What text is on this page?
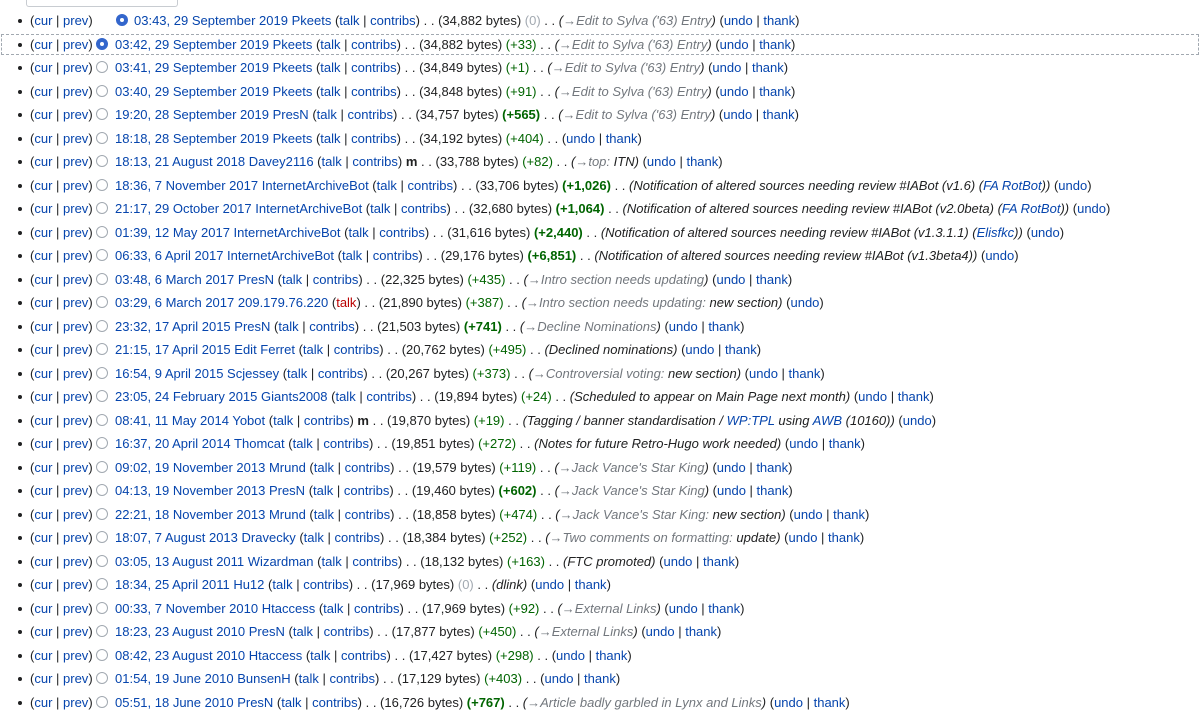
(cur | prev)	03:43, 29 September 2019 Pkeets (talk | contribs) . . (34,882 bytes) (0) . . (→Edit to Sylva ('63) Entry) (undo | thank)
(cur | prev) 03:42, 29 September 2019 Pkeets (talk | contribs) . . (34,882 bytes) (+33) . . (→Edit to Sylva ('63) Entry) (undo | thank)
(cur | prev) 03:41, 29 September 2019 Pkeets (talk | contribs) . . (34,849 bytes) (+1) . . (→Edit to Sylva ('63) Entry) (undo | thank)
(cur | prev) 03:40, 29 September 2019 Pkeets (talk | contribs) . . (34,848 bytes) (+91) . . (→Edit to Sylva ('63) Entry) (undo | thank)
(cur | prev) 19:20, 28 September 2019 PresN (talk | contribs) . . (34,757 bytes) (+565) . . (→Edit to Sylva ('63) Entry) (undo | thank)
(cur | prev) 18:18, 28 September 2019 Pkeets (talk | contribs) . . (34,192 bytes) (+404) . . (undo | thank)
(cur | prev) 18:13, 21 August 2018 Davey2116 (talk | contribs) m . . (33,788 bytes) (+82) . . (→top: ITN) (undo | thank)
(cur | prev) 18:36, 7 November 2017 InternetArchiveBot (talk | contribs) . . (33,706 bytes) (+1,026) . . (Notification of altered sources needing review #IABot (v1.6) (FA RotBot)) (undo)
(cur | prev) 21:17, 29 October 2017 InternetArchiveBot (talk | contribs) . . (32,680 bytes) (+1,064) . . (Notification of altered sources needing review #IABot (v2.0beta) (FA RotBot)) (undo)
(cur | prev) 01:39, 12 May 2017 InternetArchiveBot (talk | contribs) . . (31,616 bytes) (+2,440) . . (Notification of altered sources needing review #IABot (v1.3.1.1) (Elisfkc)) (undo)
(cur | prev) 06:33, 6 April 2017 InternetArchiveBot (talk | contribs) . . (29,176 bytes) (+6,851) . . (Notification of altered sources needing review #IABot (v1.3beta4)) (undo)
(cur | prev) 03:48, 6 March 2017 PresN (talk | contribs) . . (22,325 bytes) (+435) . . (→Intro section needs updating) (undo | thank)
(cur | prev) 03:29, 6 March 2017 209.179.76.220 (talk) . . (21,890 bytes) (+387) . . (→Intro section needs updating: new section) (undo)
(cur | prev) 23:32, 17 April 2015 PresN (talk | contribs) . . (21,503 bytes) (+741) . . (→Decline Nominations) (undo | thank)
(cur | prev) 21:15, 17 April 2015 Edit Ferret (talk | contribs) . . (20,762 bytes) (+495) . . (Declined nominations) (undo | thank)
(cur | prev) 16:54, 9 April 2015 Scjessey (talk | contribs) . . (20,267 bytes) (+373) . . (→Controversial voting: new section) (undo | thank)
(cur | prev) 23:05, 24 February 2015 Giants2008 (talk | contribs) . . (19,894 bytes) (+24) . . (Scheduled to appear on Main Page next month) (undo | thank)
(cur | prev) 08:41, 11 May 2014 Yobot (talk | contribs) m . . (19,870 bytes) (+19) . . (Tagging / banner standardisation / WP:TPL using AWB (10160)) (undo)
(cur | prev) 16:37, 20 April 2014 Thomcat (talk | contribs) . . (19,851 bytes) (+272) . . (Notes for future Retro-Hugo work needed) (undo | thank)
(cur | prev) 09:02, 19 November 2013 Mrund (talk | contribs) . . (19,579 bytes) (+119) . . (→Jack Vance's Star King) (undo | thank)
(cur | prev) 04:13, 19 November 2013 PresN (talk | contribs) . . (19,460 bytes) (+602) . . (→Jack Vance's Star King) (undo | thank)
(cur | prev) 22:21, 18 November 2013 Mrund (talk | contribs) . . (18,858 bytes) (+474) . . (→Jack Vance's Star King: new section) (undo | thank)
(cur | prev) 18:07, 7 August 2013 Dravecky (talk | contribs) . . (18,384 bytes) (+252) . . (→Two comments on formatting: update) (undo | thank)
(cur | prev) 03:05, 13 August 2011 Wizardman (talk | contribs) . . (18,132 bytes) (+163) . . (FTC promoted) (undo | thank)
(cur | prev) 18:34, 25 April 2011 Hu12 (talk | contribs) . . (17,969 bytes) (0) . . (dlink) (undo | thank)
(cur | prev) 00:33, 7 November 2010 Htaccess (talk | contribs) . . (17,969 bytes) (+92) . . (→External Links) (undo | thank)
(cur | prev) 18:23, 23 August 2010 PresN (talk | contribs) . . (17,877 bytes) (+450) . . (→External Links) (undo | thank)
(cur | prev) 08:42, 23 August 2010 Htaccess (talk | contribs) . . (17,427 bytes) (+298) . . (undo | thank)
(cur | prev) 01:54, 19 June 2010 BunsenH (talk | contribs) . . (17,129 bytes) (+403) . . (undo | thank)
(cur | prev) 05:51, 18 June 2010 PresN (talk | contribs) . . (16,726 bytes) (+767) . . (→Article badly garbled in Lynx and Links) (undo | thank)
